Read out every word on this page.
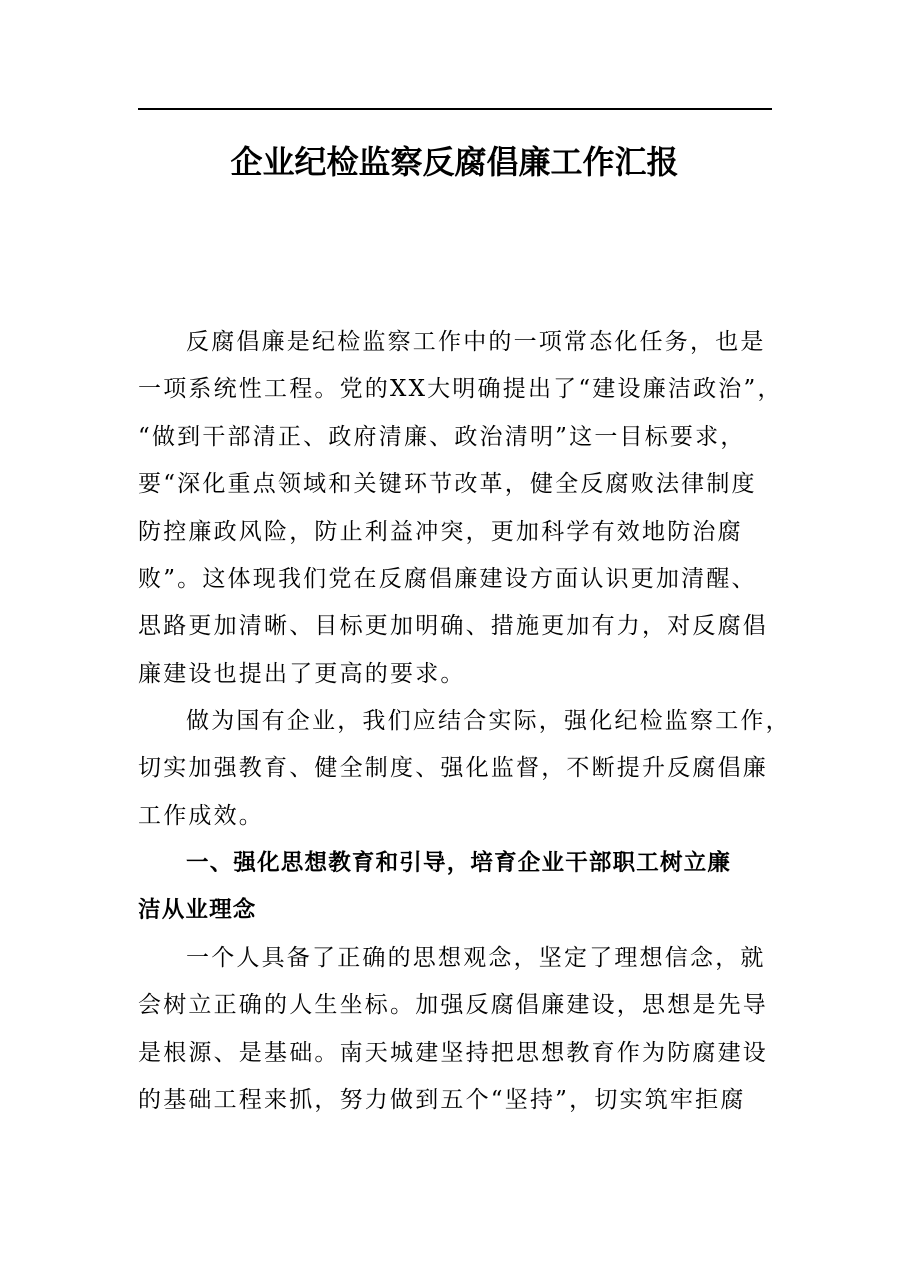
企业纪检监察反腐倡廉工作汇报
反腐倡廉是纪检监察工作中的一项常态化任务，也是
一项系统性工程。党的XX大明确提出了“建设廉洁政治”，
“做到干部清正、政府清廉、政治清明”这一目标要求，
要“深化重点领域和关键环节改革，健全反腐败法律制度
防控廉政风险，防止利益冲突，更加科学有效地防治腐
败”。这体现我们党在反腐倡廉建设方面认识更加清醒、
思路更加清晰、目标更加明确、措施更加有力，对反腐倡
廉建设也提出了更高的要求。
做为国有企业，我们应结合实际，强化纪检监察工作，
切实加强教育、健全制度、强化监督，不断提升反腐倡廉
工作成效。
一、强化思想教育和引导，培育企业干部职工树立廉
洁从业理念
一个人具备了正确的思想观念，坚定了理想信念，就
会树立正确的人生坐标。加强反腐倡廉建设，思想是先导
是根源、是基础。南天城建坚持把思想教育作为防腐建设
的基础工程来抓，努力做到五个“坚持”，切实筑牢拒腐
